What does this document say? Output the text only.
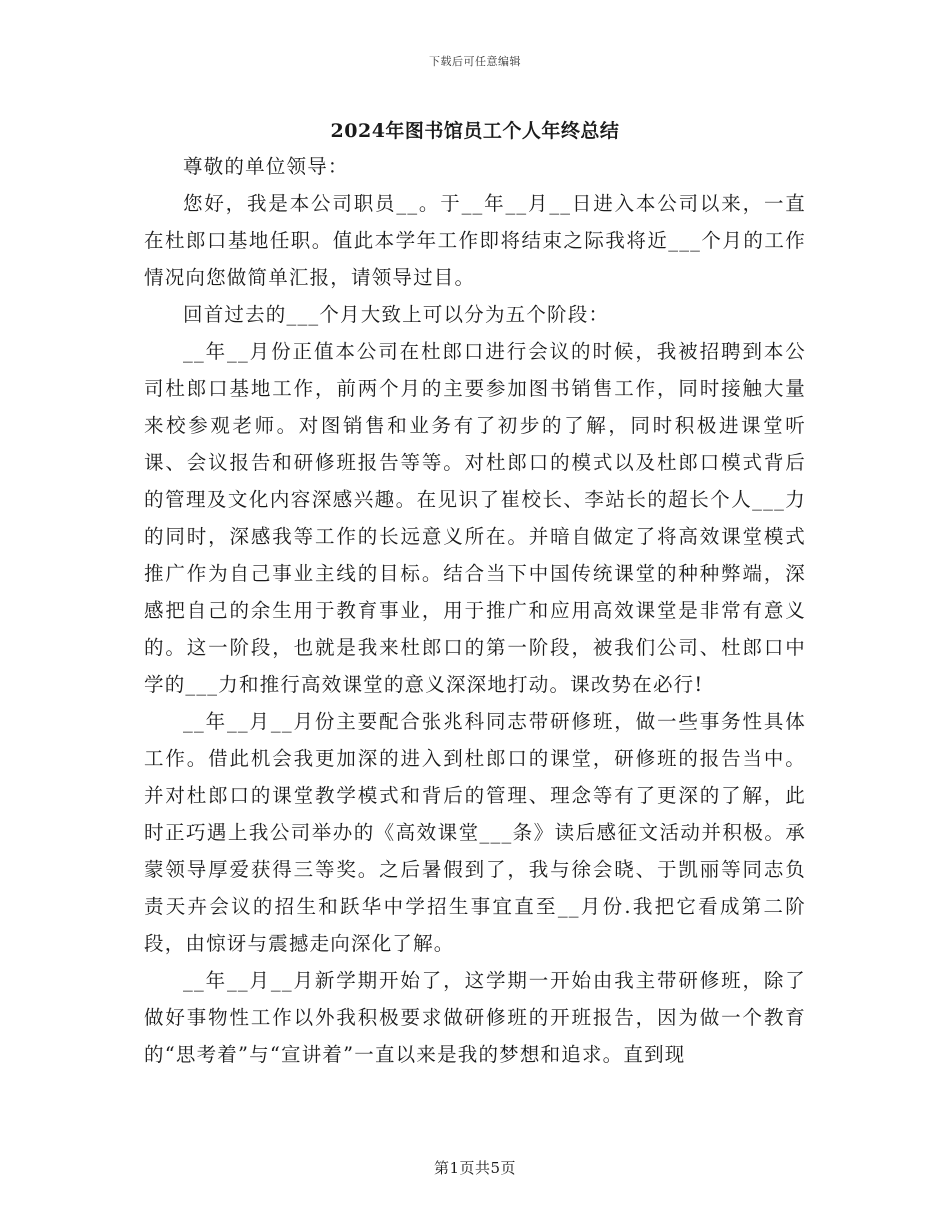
下载后可任意编辑
2024年图书馆员工个人年终总结

尊敬的单位领导：

您好，我是本公司职员__。于__年__月__日进入本公司以来，一直在杜郎口基地任职。值此本学年工作即将结束之际我将近___个月的工作情况向您做简单汇报，请领导过目。

回首过去的___个月大致上可以分为五个阶段：

__年__月份正值本公司在杜郎口进行会议的时候，我被招聘到本公司杜郎口基地工作，前两个月的主要参加图书销售工作，同时接触大量来校参观老师。对图销售和业务有了初步的了解，同时积极进课堂听课、会议报告和研修班报告等等。对杜郎口的模式以及杜郎口模式背后的管理及文化内容深感兴趣。在见识了崔校长、李站长的超长个人___力的同时，深感我等工作的长远意义所在。并暗自做定了将高效课堂模式推广作为自己事业主线的目标。结合当下中国传统课堂的种种弊端，深感把自己的余生用于教育事业，用于推广和应用高效课堂是非常有意义的。这一阶段，也就是我来杜郎口的第一阶段，被我们公司、杜郎口中学的___力和推行高效课堂的意义深深地打动。课改势在必行!

__年__月__月份主要配合张兆科同志带研修班，做一些事务性具体工作。借此机会我更加深的进入到杜郎口的课堂，研修班的报告当中。并对杜郎口的课堂教学模式和背后的管理、理念等有了更深的了解，此时正巧遇上我公司举办的《高效课堂___条》读后感征文活动并积极。承蒙领导厚爱获得三等奖。之后暑假到了，我与徐会晓、于凯丽等同志负责天卉会议的招生和跃华中学招生事宜直至__月份.我把它看成第二阶段，由惊讶与震撼走向深化了解。

__年__月__月新学期开始了，这学期一开始由我主带研修班，除了做好事物性工作以外我积极要求做研修班的开班报告，因为做一个教育的“思考着”与“宣讲着”一直以来是我的梦想和追求。直到现

第1页共5页
